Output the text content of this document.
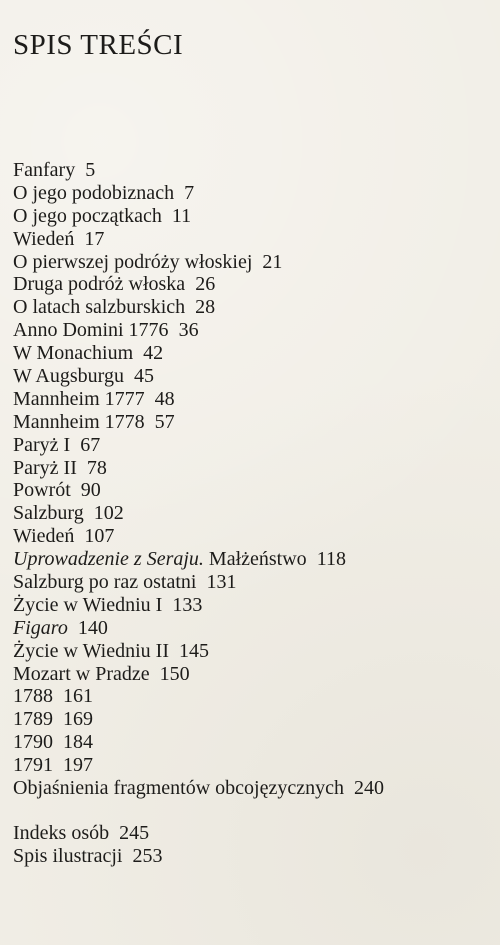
SPIS TREŚCI
Fanfary 5
O jego podobiznach 7
O jego początkach 11
Wiedeń 17
O pierwszej podróży włoskiej 21
Druga podróż włoska 26
O latach salzburskich 28
Anno Domini 1776 36
W Monachium 42
W Augsburgu 45
Mannheim 1777 48
Mannheim 1778 57
Paryż I 67
Paryż II 78
Powrót 90
Salzburg 102
Wiedeń 107
Uprowadzenie z Seraju. Małżeństwo 118
Salzburg po raz ostatni 131
Życie w Wiedniu I 133
Figaro 140
Życie w Wiedniu II 145
Mozart w Pradze 150
1788 161
1789 169
1790 184
1791 197
Objaśnienia fragmentów obcojęzycznych 240
Indeks osób 245
Spis ilustracji 253
